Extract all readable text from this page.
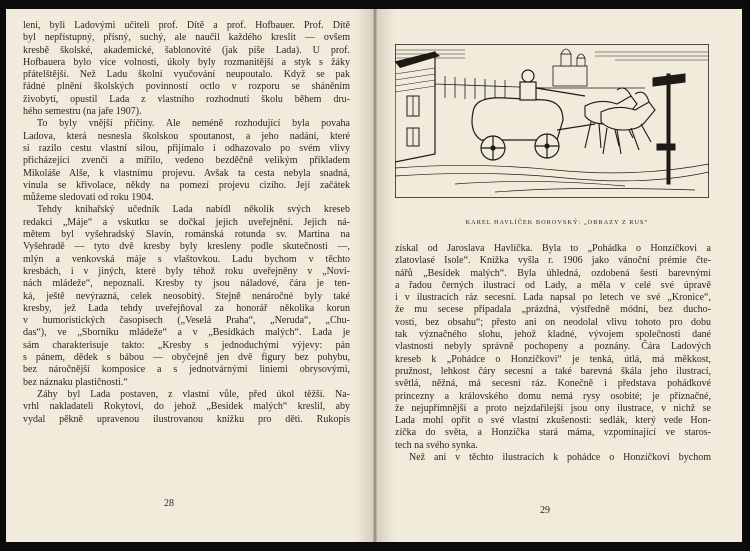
leni, byli Ladovými učiteli prof. Dítě a prof. Hofbauer. Prof. Dítě
byl nepřístupný, přísný, suchý, ale naučil každého kreslit — ovšem
kresbě školské, akademické, šablonovité (jak píše Lada). U prof.
Hofbauera bylo více volnosti, úkoly byly rozmanitější a styk s žáky
přátelštější. Než Ladu školní vyučování neupoutalo. Když se pak
řádné plnění školských povinností octlo v rozporu se sháněním
živobytí, opustil Lada z vlastního rozhodnutí školu během dru-
hého semestru (na jaře 1907).
To byly vnější příčiny. Ale neméně rozhodující byla povaha
Ladova, která nesnesla školskou spoutanost, a jeho nadání, které
si razilo cestu vlastní silou, přijímalo i odhazovalo po svém vlivy
přicházející zvenčí a mířilo, vedeno bezděčně velikým příkladem
Mikoláše Alše, k vlastnímu projevu. Avšak ta cesta nebyla snadná,
vinula se křivolace, někdy na pomezí projevu cizího. Její začátek
můžeme sledovati od roku 1904.
Tehdy knihařský učedník Lada nabídl několik svých kreseb
redakci „Máje“ a vskutku se dočkal jejich uveřejnění. Jejich ná-
mětem byl vyšehradský Slavín, románská rotunda sv. Martina na
Vyšehradě — tyto dvě kresby byly kresleny podle skutečnosti —,
mlýn a venkovská máje s vlaštovkou. Ladu bychom v těchto
kresbách, i v jiných, které byly téhož roku uveřejněny v „Novi-
nách mládeže“, nepoznali. Kresby ty jsou náladové, čára je ten-
ká, ještě nevýrazná, celek neosobitý. Stejně nenáročné byly také
kresby, jež Lada tehdy uveřejňoval za honorář několika korun
v humoristických časopisech („Veselá Praha“, „Neruda“, „Chu-
das“), ve „Sborníku mládeže“ a v „Besídkách malých“. Lada je
sám charakterisuje takto: „Kresby s jednoduchými výjevy: pán
s pánem, dědek s bábou — obyčejně jen dvě figury bez pohybu,
bez náročnější komposice a s jednotvárnými liniemi obrysovými,
bez náznaku plastičnosti.“
Záhy byl Lada postaven, z vlastní vůle, před úkol těžší. Na-
vrhl nakladateli Rokytovi, do jehož „Besídek malých“ kreslil, aby
vydal pěkně upravenou ilustrovanou knížku pro děti. Rukopis
28
KAREL HAVLÍČEK BOROVSKÝ: „OBRAZY Z RUS“
získal od Jaroslava Havlíčka. Byla to „Pohádka o Honzíčkovi a
zlatovlasé Isole“. Knížka vyšla r. 1906 jako vánoční prémie čte-
nářů „Besídek malých“. Byla úhledná, ozdobená šesti barevnými
a řadou černých ilustrací od Lady, a měla v celé své úpravě
i v ilustracích ráz secesní. Lada napsal po letech ve své „Kronice“,
že mu secese připadala „prázdná, výstředně módní, bez ducho-
vosti, bez obsahu“; přesto ani on neodolal vlivu tohoto pro dobu
tak význačného slohu, jehož kladné, vývojem společnosti dané
vlastnosti nebyly správně pochopeny a poznány. Čára Ladových
kreseb k „Pohádce o Honzíčkovi“ je tenká, útlá, má měkkost,
pružnost, lehkost čáry secesní a také barevná škála jeho ilustrací,
světlá, něžná, má secesní ráz. Konečně i představa pohádkové
princezny a královského domu nemá rysy osobité; je příznačné,
že nejupřímnější a proto nejzdařilejší jsou ony ilustrace, v nichž se
Lada mohl opřít o své vlastní zkušenosti: sedlák, který vede Hon-
zíčka do světa, a Honzíčka stará máma, vzpomínající ve staros-
tech na svého synka.
Než ani v těchto ilustracích k pohádce o Honzíčkovi bychom
29
